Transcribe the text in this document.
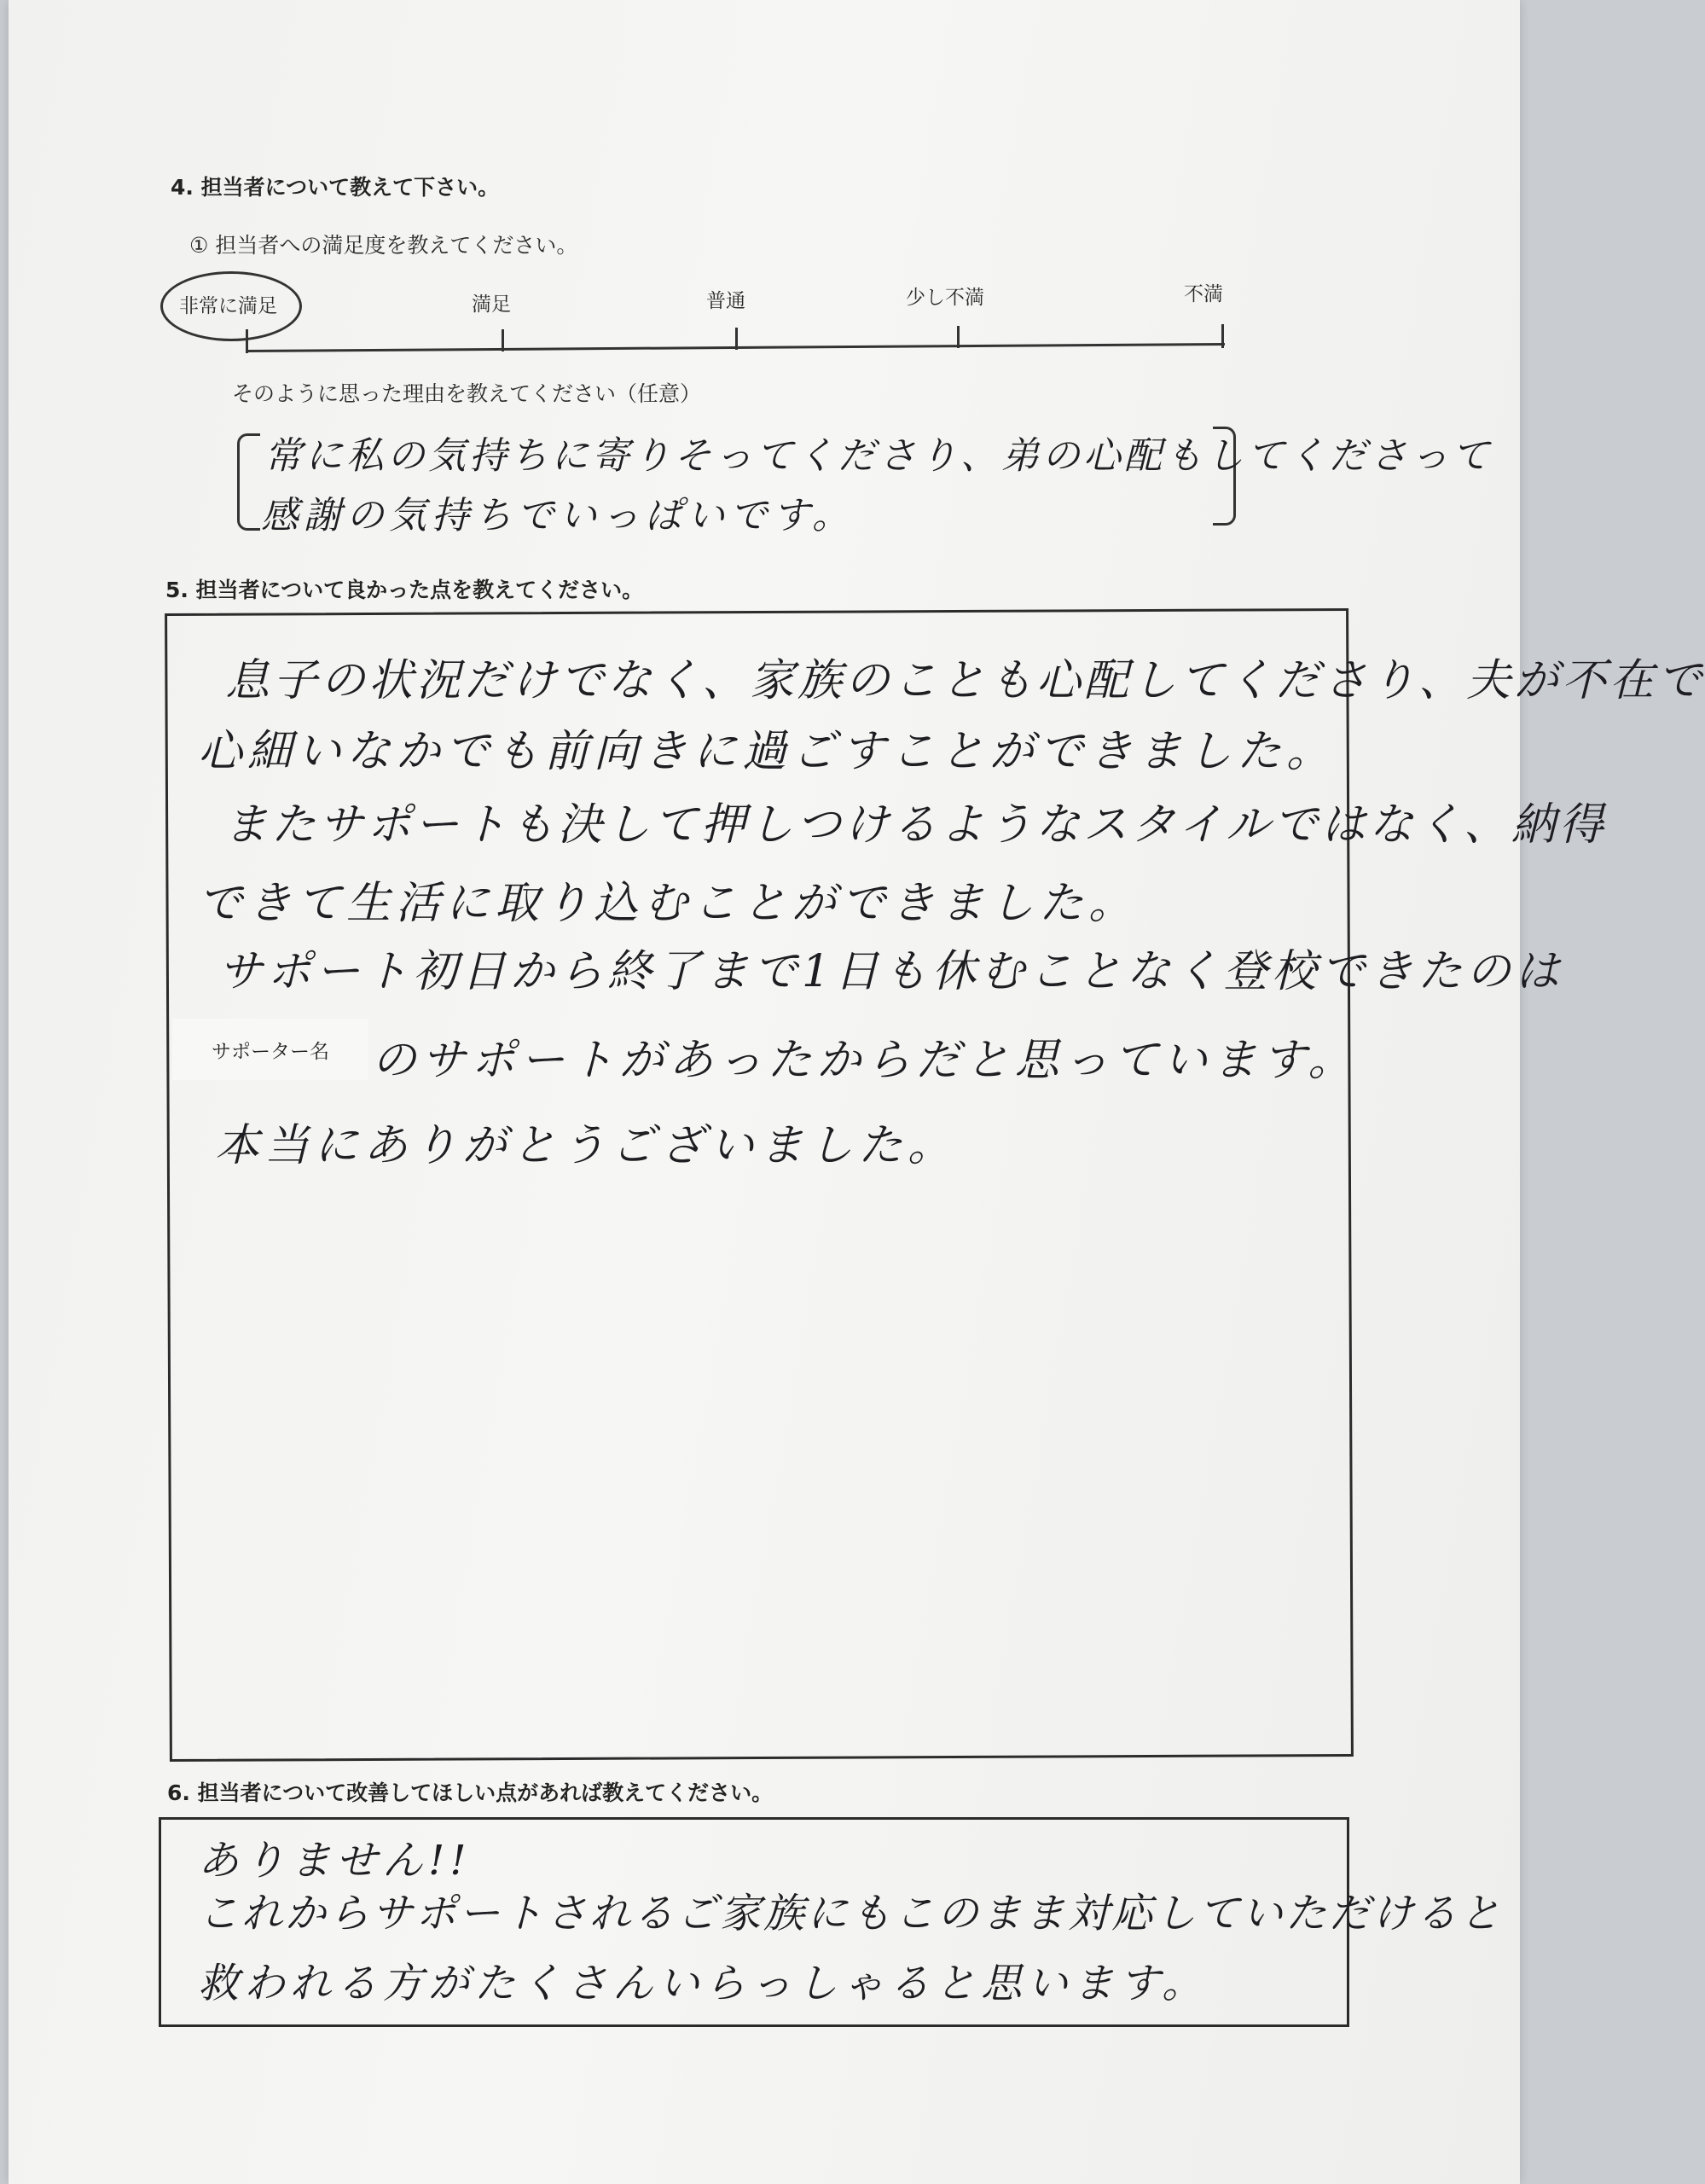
4. 担当者について教えて下さい。
① 担当者への満足度を教えてください。
非常に満足	満足	普通	少し不満	不満
そのように思った理由を教えてください（任意）
常に私の気持ちに寄りそってくださり、弟の心配もしてくださって
感謝の気持ちでいっぱいです。
5. 担当者について良かった点を教えてください。
息子の状況だけでなく、家族のことも心配してくださり、夫が不在で
心細いなかでも前向きに過ごすことができました。
またサポートも決して押しつけるようなスタイルではなく、納得
できて生活に取り込むことができました。
サポート初日から終了まで1日も休むことなく登校できたのは
サポーター名 のサポートがあったからだと思っています。
本当にありがとうございました。
6. 担当者について改善してほしい点があれば教えてください。
ありません!!
これからサポートされるご家族にもこのまま対応していただけると
救われる方がたくさんいらっしゃると思います。
